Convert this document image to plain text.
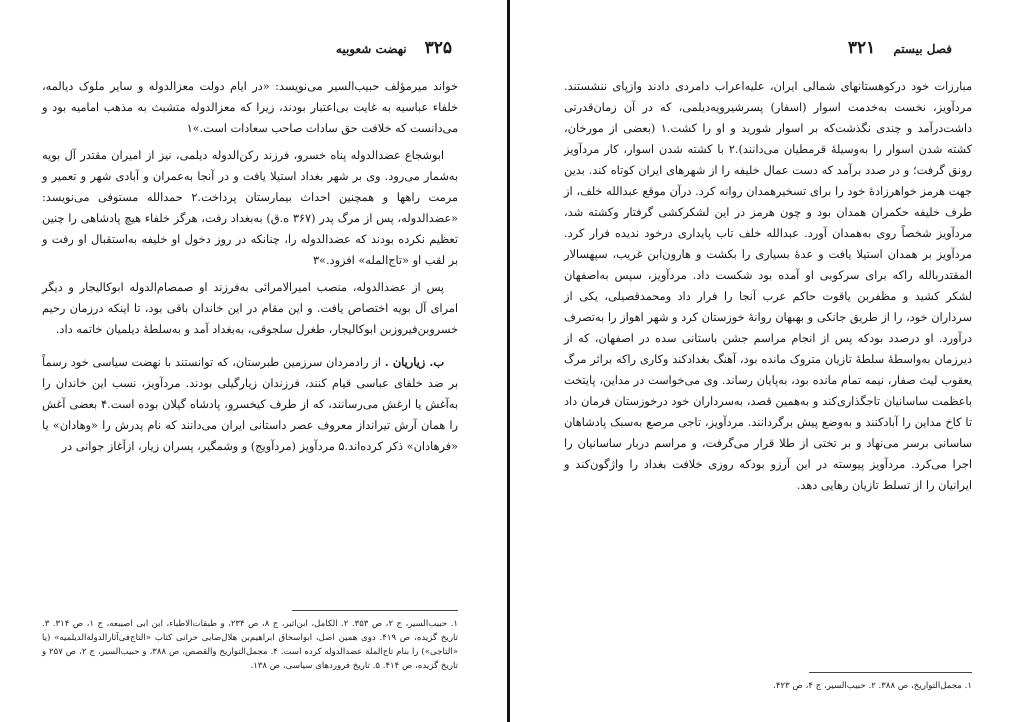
۳۲۵
نهضت شعوبیه

خواند میرمؤلف حبیب‌السیر می‌نویسد: «در ایام دولت معزالدوله و سایر ملوک دیالمه، خلفاء عباسیه به غایت بی‌اعتبار بودند، زیرا که معزالدوله متشبث به مذهب امامیه بود و می‌دانست که خلافت حق سادات صاحب سعادات است.»۱

ابوشجاع عضدالدوله پناه خسرو، فرزند رکن‌الدوله دیلمی، نیز از امیران مقتدر آل بویه به‌شمار می‌رود. وی بر شهر بغداد استیلا یافت و در آنجا به‌عمران و آبادی شهر و تعمیر و مرمت راهها و همچنین احداث بیمارستان پرداخت.۲ حمدالله مستوفی می‌نویسد: «عضدالدوله، پس از مرگ پدر (۳۶۷ ه.ق) به‌بغداد رفت، هرگز خلفاء هیچ پادشاهی را چنین تعظیم نکرده بودند که عضدالدوله را، چنانکه در روز دخول او خلیفه به‌استقبال او رفت و بر لقب او «تاج‌المله» افزود.»۳

پس از عضدالدوله، منصب امیرالامرائی به‌فرزند او صمصام‌الدوله ابوکالیجار و دیگر امرای آل بویه اختصاص یافت. و این مقام در این خاندان باقی بود، تا اینکه درزمان رحیم خسروبن‌فیروزبن ابوکالیجار، طغرل سلجوقی، به‌بغداد آمد و به‌سلطهٔ دیلمیان خاتمه داد.

ب. زیاریان . از رادمردان سرزمین طبرستان، که توانستند با نهضت سیاسی خود رسماً بر ضد خلفای عباسی قیام کنند، فرزندان زیارگیلی بودند. مردآویز، نسب این خاندان را به‌آغش یا ارغش می‌رسانند، که از طرف کیخسرو، پادشاه گیلان بوده است.۴ بعضی آغش را همان آرش تیرانداز معروف عصر داستانی ایران می‌دانند که نام پدرش را «وهادان» یا «فرهادان» ذکر کرده‌اند.۵ مردآویز (مردآویج) و وشمگیر، پسران زیار، ازآغاز جوانی در

۱. حبیب‌السیر، ج ۲، ص ۳۵۳. ۲. الکامل، ابن‌اثیر، ج ۸، ص ۲۳۴، و طبقات‌الاطباء، ابن ابی اصیبعه، ج ۱، ص ۳۱۴. ۳. تاریخ گزیده، ص ۴۱۹. دوی همین اصل، ابواسحاق ابراهیم‌بن هلال‌صابی حرانی کتاب «التاج‌فی‌آثارالدولة‌الدیلمیه» (یا «التاجی») را بنام تاج‌الملة عضدالدوله کرده است. ۴. مجمل‌التواریخ والقصص، ص ۳۸۸، و حبیب‌السیر، ج ۲، ص ۲۵۷ و تاریخ گزیده، ص ۴۱۴. ۵. تاریخ فروردهای سیاسی، ص ۱۳۸.

فصل بیستم
۳۲۱

مبارزات خود درکوهستانهای شمالی ایران، علیه‌اعراب دامردی دادند وازپای ننشستند. مردآویز، نخست به‌خدمت اسوار (اسفار) پسرشیرویه‌دیلمی، که در آن زمان‌قدرتی داشت‌درآمد و چندی نگذشت‌که بر اسوار شورید و او را کشت.۱ (بعضی از مورخان، کشته شدن اسوار را به‌وسیلهٔ قرمطیان می‌دانند).۲ با کشته شدن اسوار، کار مردآویز رونق گرفت؛ و در صدد برآمد که دست عمال خلیفه را از شهرهای ایران کوتاه کند. بدین جهت هرمز خواهرزادهٔ خود را برای تسخیرهمدان روانه کرد. درآن موقع عبدالله خلف، از طرف خلیفه حکمران همدان بود و چون هرمز در این لشکرکشی گرفتار وکشته شد، مردآویز شخصاً روی به‌همدان آورد. عبدالله خلف تاب پایداری درخود ندیده فرار کرد. مردآویز بر همدان استیلا یافت و عدهٔ بسیاری را بکشت و هارون‌ابن غریب، سپهسالار المقتدربالله راکه برای سرکوبی او آمده بود شکست داد. مردآویز، سپس به‌اصفهان لشکر کشید و مظفربن یاقوت حاکم عرب آنجا را فرار داد ومحمدقصیلی، یکی از سرداران خود، را از طریق جانکی و بهبهان روانهٔ خوزستان کرد و شهر اهواز را به‌تصرف درآورد. او درصدد بودکه پس از انجام مراسم جشن باستانی سده در اصفهان، که از دیرزمان به‌واسطهٔ سلطهٔ تازیان متروک مانده بود، آهنگ بغدادکند وکاری راکه براثر مرگ یعقوب لیث صفار، نیمه تمام مانده بود، به‌پایان رساند. وی می‌خواست در مداین، پایتخت باعظمت ساسانیان تاجگذاری‌کند و به‌همین قصد، به‌سرداران خود درخوزستان فرمان داد تا کاخ مداین را آبادکنند و به‌وضع پیش برگردانند. مردآویز، تاجی مرصع به‌سبک پادشاهان ساسانی برسر می‌نهاد و بر تختی از طلا قرار می‌گرفت، و مراسم دربار ساسانیان را اجرا می‌کرد. مردآویز پیوسته در این آرزو بودکه روزی خلافت بغداد را واژگون‌کند و ایرانیان را از تسلط تازیان رهایی دهد.

۱. مجمل‌التواریخ، ص ۳۸۸. ۲. حبیب‌السیر، ج ۴، ص ۴۲۳.
